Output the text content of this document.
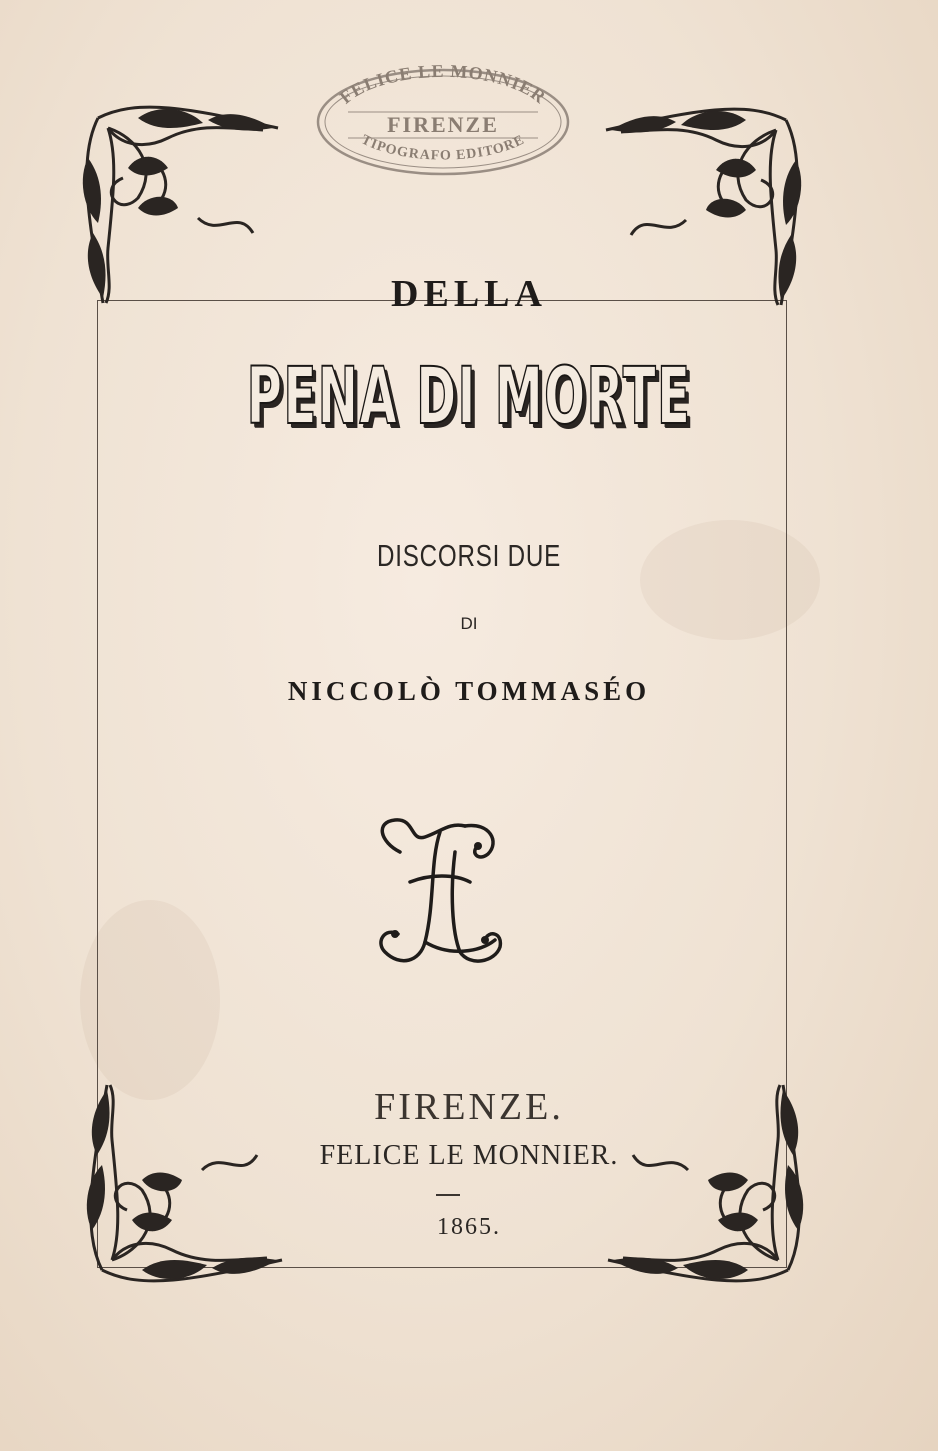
FELICE LE MONNIER
FIRENZE
TIPOGRAFO EDITORE
DELLA
PENA DI MORTE
DISCORSI DUE
DI
NICCOLÒ TOMMASÉO
FIRENZE.
FELICE LE MONNIER.
1865.
